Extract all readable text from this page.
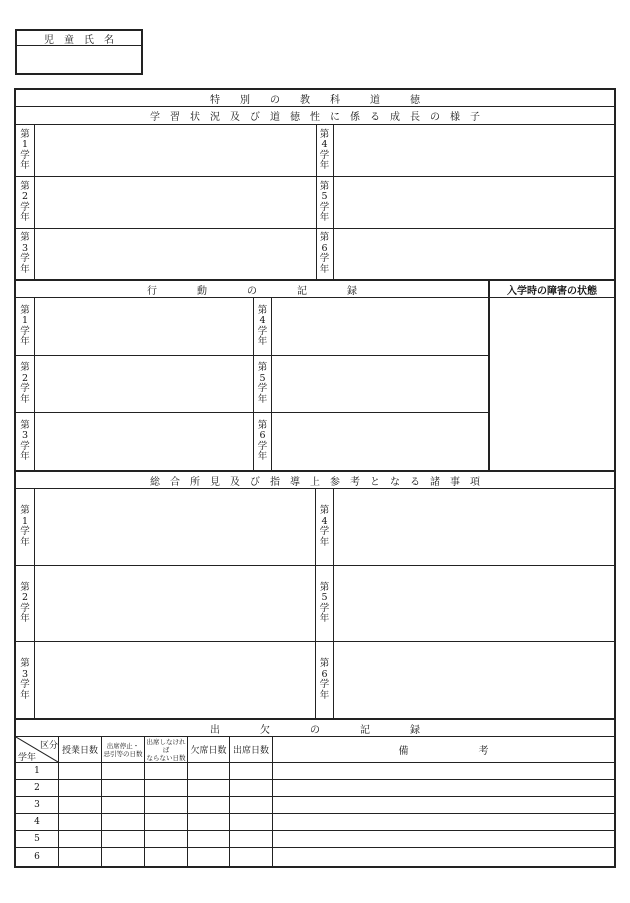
児　童　氏　名
特　　別　　の　　教　　科　　　道　　　徳
学　習　状　況　及　び　道　徳　性　に　係　る　成　長　の　様　子
第
1
学
年
第
2
学
年
第
3
学
年
第
4
学
年
第
5
学
年
第
6
学
年
行　　　　動　　　　の　　　　記　　　　録	入学時の障害の状態
第
1
学
年
第
2
学
年
第
3
学
年
第
4
学
年
第
5
学
年
第
6
学
年
総　合　所　見　及　び　指　導　上　参　考　と　な　る　諸　事　項
第
1
学
年
第
2
学
年
第
3
学
年
第
4
学
年
第
5
学
年
第
6
学
年
出　　　　欠　　　　の　　　　記　　　　録
区分
学年
授業日数
出席停止・
忌引等の日数
出席しなければ
ならない日数
欠席日数 出席日数	備　　　　　　　考
1
2
3
4
5
6
